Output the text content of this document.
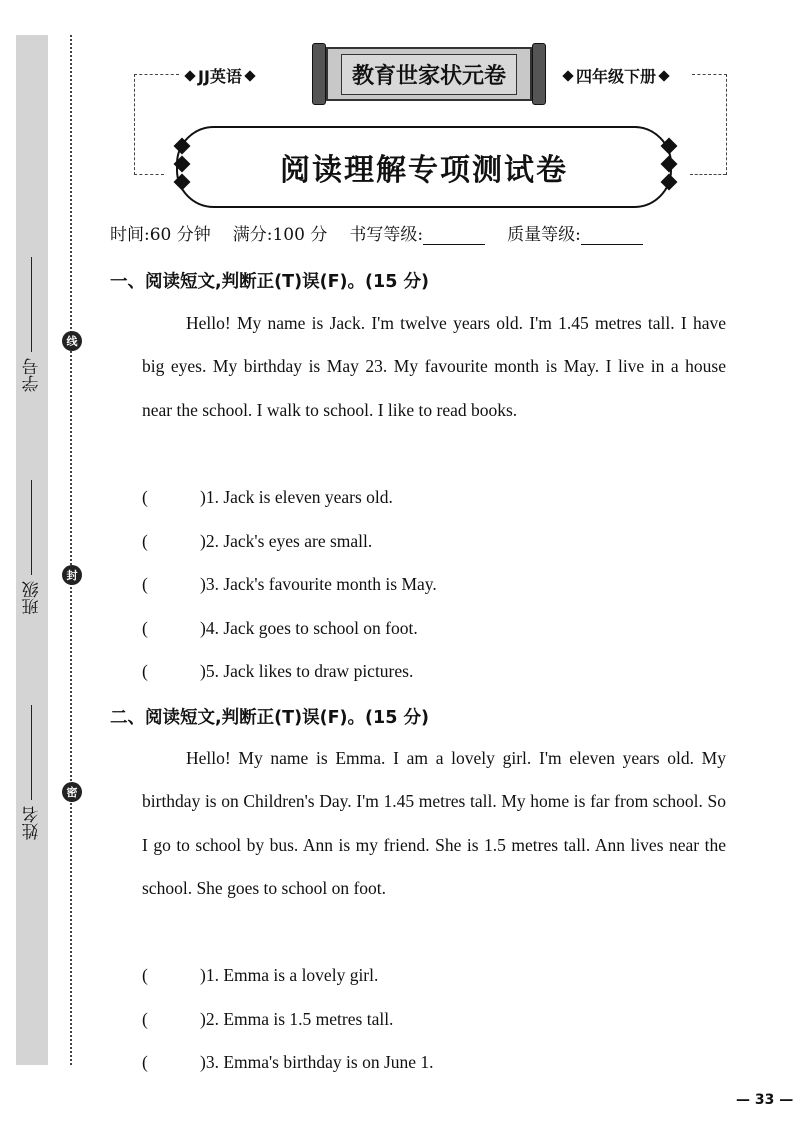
学号
班级
姓名
线
封
密
JJ英语	四年级下册
教育世家状元卷
阅读理解专项测试卷
时间:60 分钟 满分:100 分 书写等级:	质量等级:
一、阅读短文,判断正(T)误(F)。(15 分)
Hello! My name is Jack. I'm twelve years old. I'm 1.45 metres tall. I have big eyes. My birthday is May 23. My favourite month is May. I live in a house near the school. I walk to school. I like to read books.
(	)1. Jack is eleven years old.
(	)2. Jack's eyes are small.
(	)3. Jack's favourite month is May.
(	)4. Jack goes to school on foot.
(	)5. Jack likes to draw pictures.
二、阅读短文,判断正(T)误(F)。(15 分)
Hello! My name is Emma. I am a lovely girl. I'm eleven years old. My birthday is on Children's Day. I'm 1.45 metres tall. My home is far from school. So I go to school by bus. Ann is my friend. She is 1.5 metres tall. Ann lives near the school. She goes to school on foot.
(	)1. Emma is a lovely girl.
(	)2. Emma is 1.5 metres tall.
(	)3. Emma's birthday is on June 1.
— 33 —
